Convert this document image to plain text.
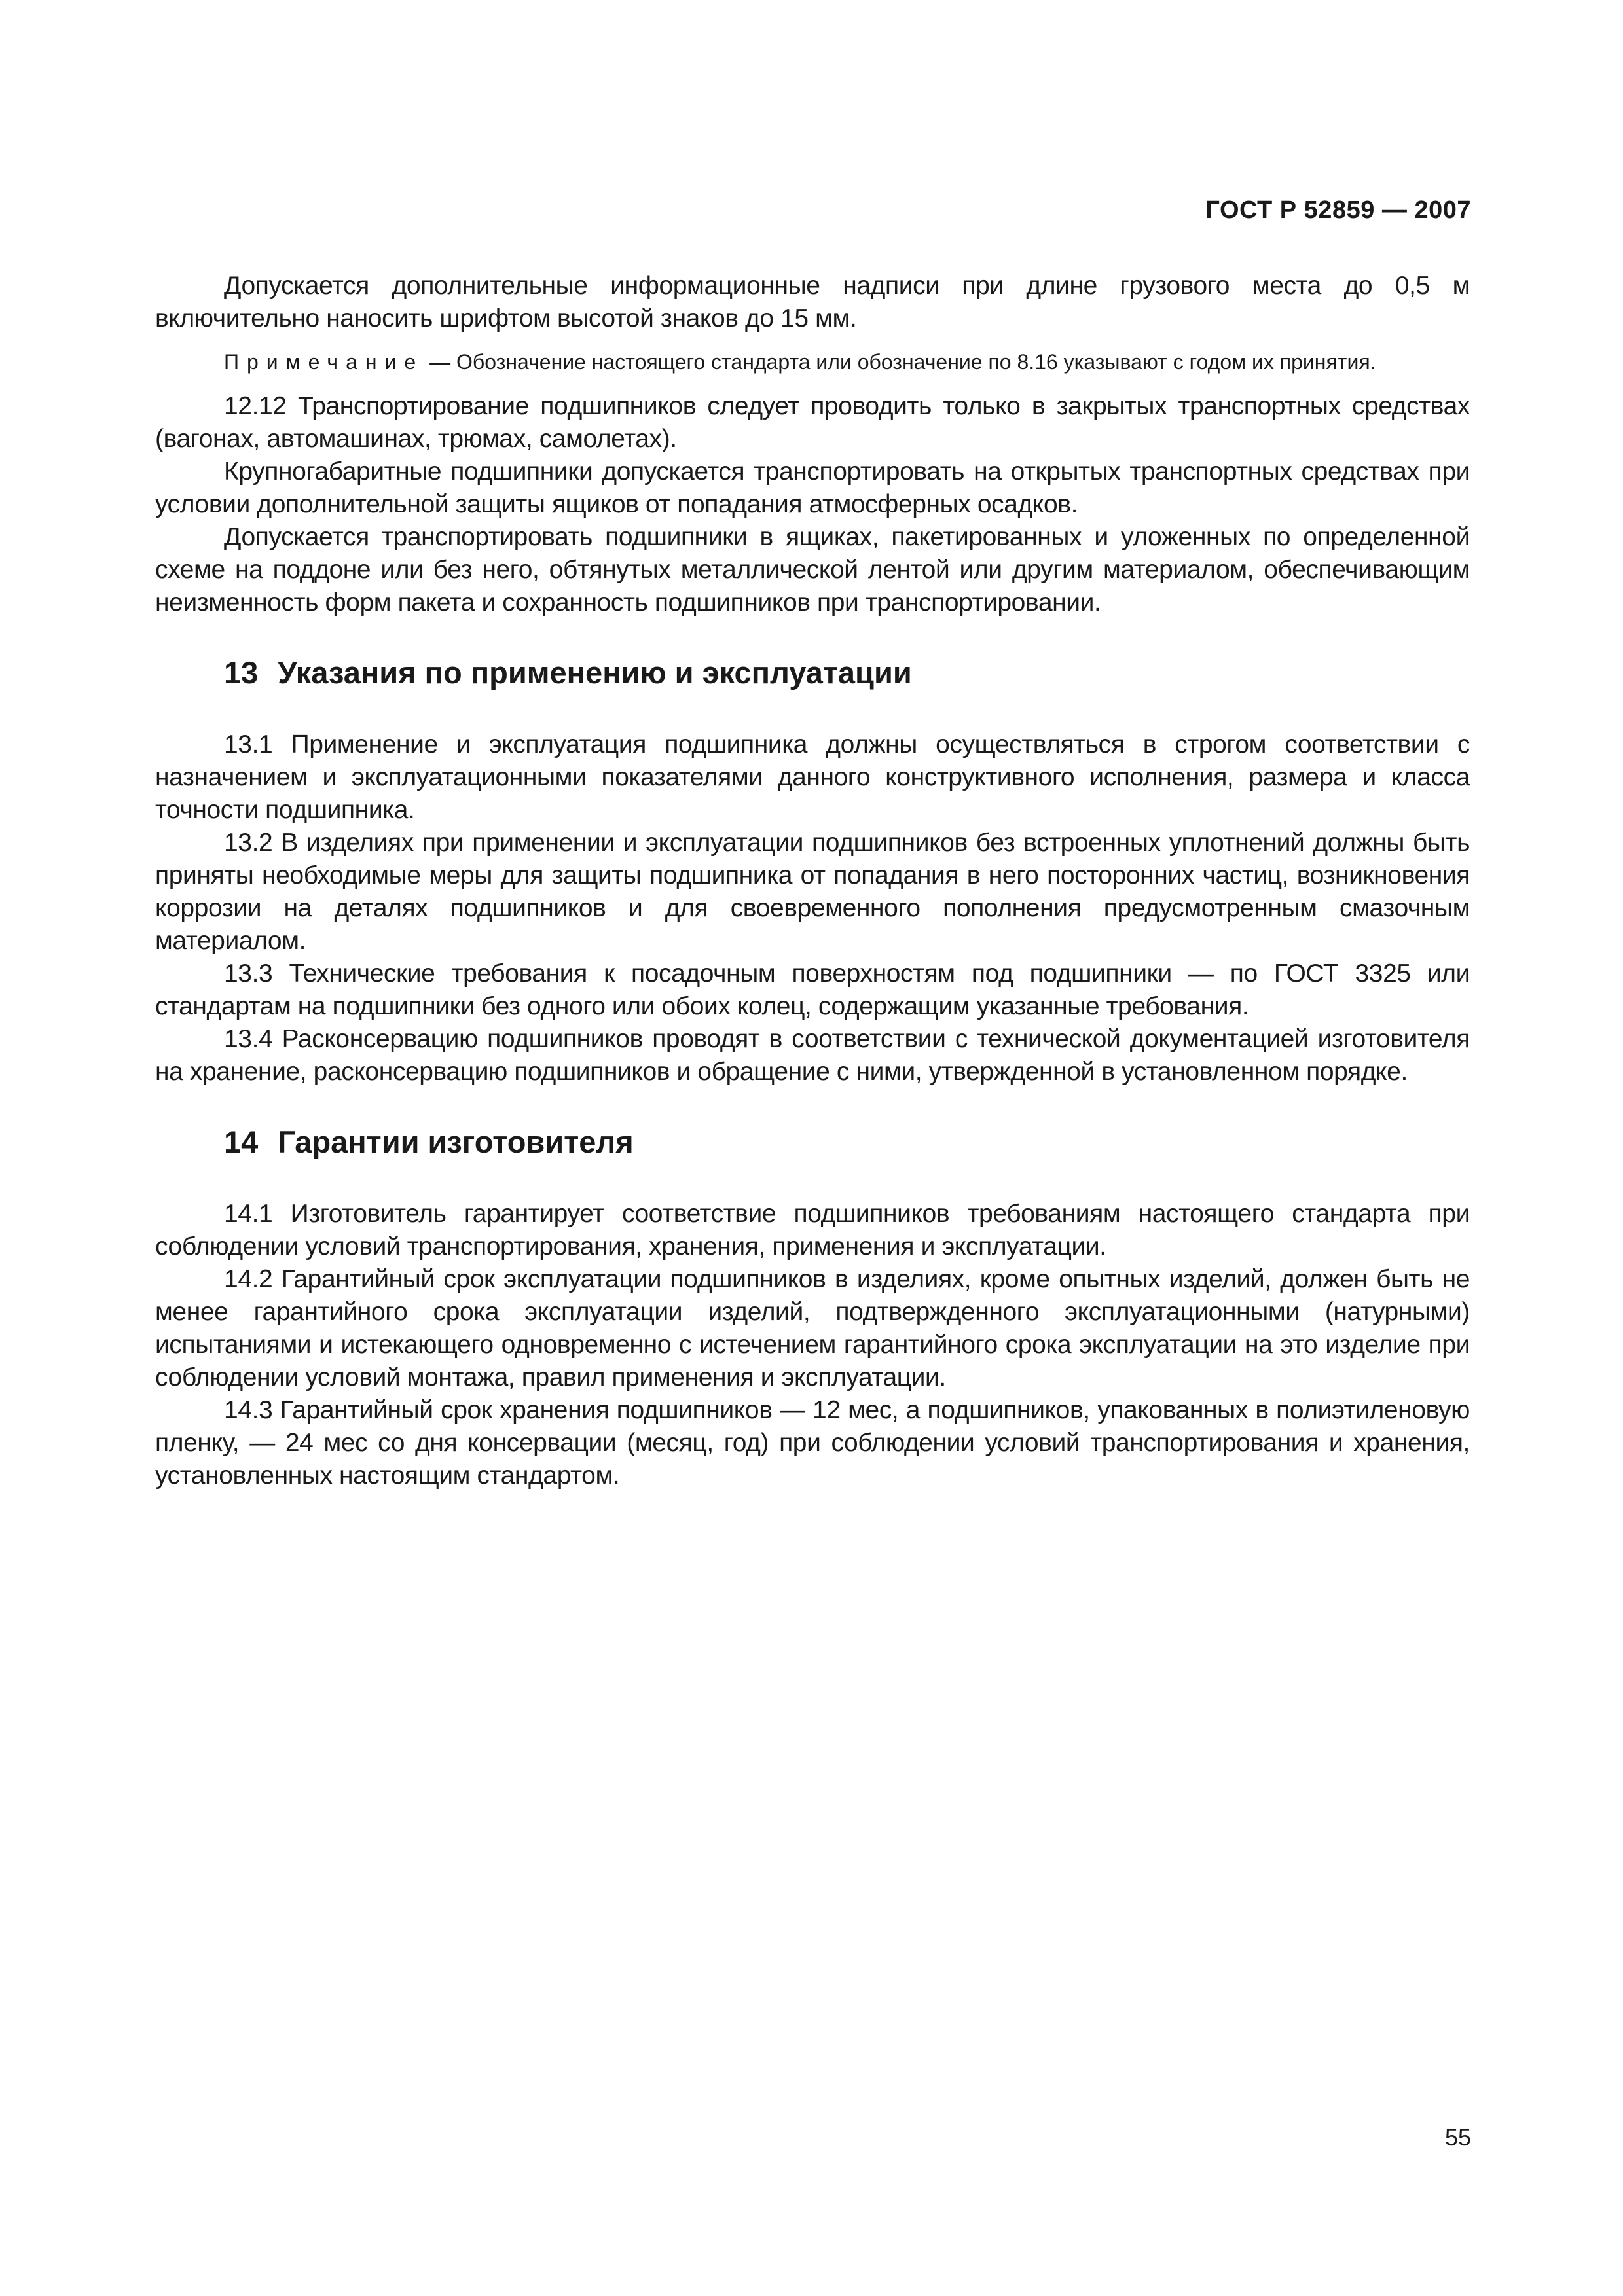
ГОСТ Р 52859 — 2007

Допускается дополнительные информационные надписи при длине грузового места до 0,5 м включительно наносить шрифтом высотой знаков до 15 мм.

Примечание — Обозначение настоящего стандарта или обозначение по 8.16 указывают с годом их принятия.

12.12 Транспортирование подшипников следует проводить только в закрытых транспортных средствах (вагонах, автомашинах, трюмах, самолетах).

Крупногабаритные подшипники допускается транспортировать на открытых транспортных средствах при условии дополнительной защиты ящиков от попадания атмосферных осадков.

Допускается транспортировать подшипники в ящиках, пакетированных и уложенных по определенной схеме на поддоне или без него, обтянутых металлической лентой или другим материалом, обеспечивающим неизменность форм пакета и сохранность подшипников при транспортировании.

13 Указания по применению и эксплуатации

13.1 Применение и эксплуатация подшипника должны осуществляться в строгом соответствии с назначением и эксплуатационными показателями данного конструктивного исполнения, размера и класса точности подшипника.

13.2 В изделиях при применении и эксплуатации подшипников без встроенных уплотнений должны быть приняты необходимые меры для защиты подшипника от попадания в него посторонних частиц, возникновения коррозии на деталях подшипников и для своевременного пополнения предусмотренным смазочным материалом.

13.3 Технические требования к посадочным поверхностям под подшипники — по ГОСТ 3325 или стандартам на подшипники без одного или обоих колец, содержащим указанные требования.

13.4 Расконсервацию подшипников проводят в соответствии с технической документацией изготовителя на хранение, расконсервацию подшипников и обращение с ними, утвержденной в установленном порядке.

14 Гарантии изготовителя

14.1 Изготовитель гарантирует соответствие подшипников требованиям настоящего стандарта при соблюдении условий транспортирования, хранения, применения и эксплуатации.

14.2 Гарантийный срок эксплуатации подшипников в изделиях, кроме опытных изделий, должен быть не менее гарантийного срока эксплуатации изделий, подтвержденного эксплуатационными (натурными) испытаниями и истекающего одновременно с истечением гарантийного срока эксплуатации на это изделие при соблюдении условий монтажа, правил применения и эксплуатации.

14.3 Гарантийный срок хранения подшипников — 12 мес, а подшипников, упакованных в полиэтиленовую пленку, — 24 мес со дня консервации (месяц, год) при соблюдении условий транспортирования и хранения, установленных настоящим стандартом.

55
